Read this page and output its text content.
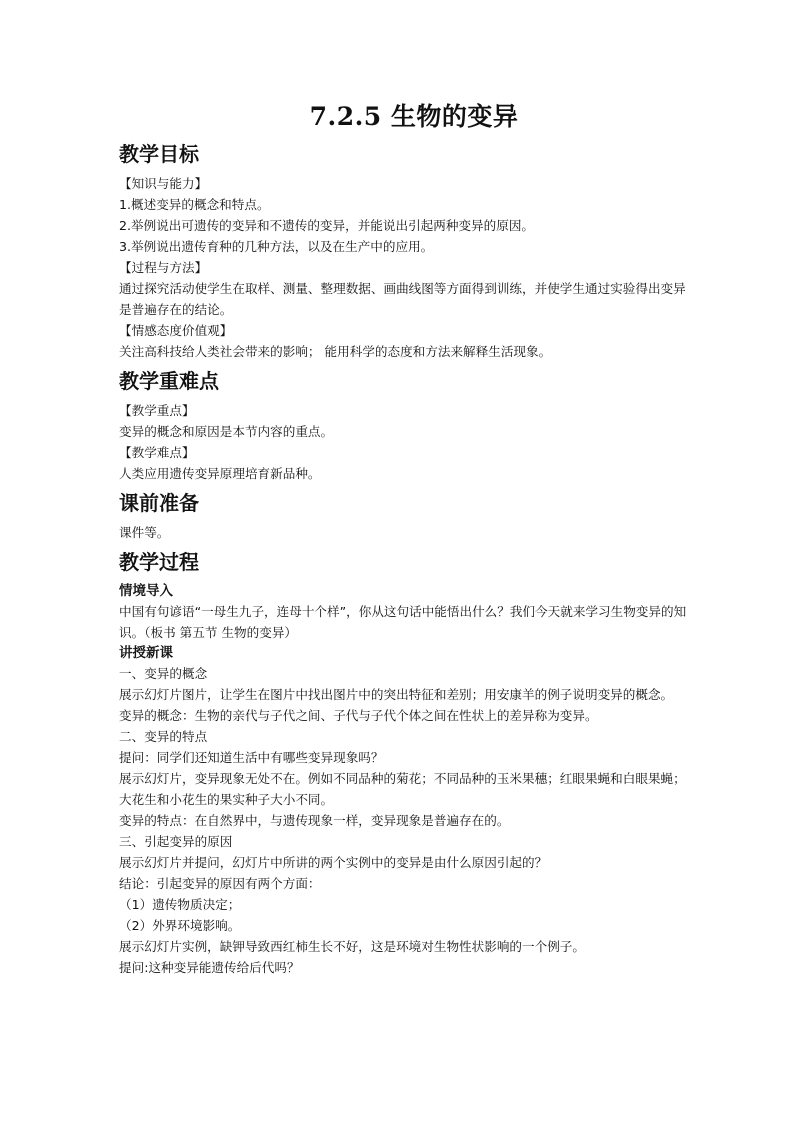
7.2.5 生物的变异
教学目标

【知识与能力】

1.概述变异的概念和特点。

2.举例说出可遗传的变异和不遗传的变异，并能说出引起两种变异的原因。

3.举例说出遗传育种的几种方法，以及在生产中的应用。

【过程与方法】

通过探究活动使学生在取样、测量、整理数据、画曲线图等方面得到训练，并使学生通过实验得出变异是普遍存在的结论。

【情感态度价值观】

关注高科技给人类社会带来的影响； 能用科学的态度和方法来解释生活现象。

教学重难点

【教学重点】

变异的概念和原因是本节内容的重点。

【教学难点】

人类应用遗传变异原理培育新品种。

课前准备

课件等。

教学过程
情境导入

中国有句谚语“一母生九子，连母十个样”，你从这句话中能悟出什么？我们今天就来学习生物变异的知识。（板书 第五节 生物的变异）

讲授新课

一、变异的概念

展示幻灯片图片，让学生在图片中找出图片中的突出特征和差别；用安康羊的例子说明变异的概念。

变异的概念：生物的亲代与子代之间、子代与子代个体之间在性状上的差异称为变异。

二、变异的特点

提问：同学们还知道生活中有哪些变异现象吗？

展示幻灯片，变异现象无处不在。例如不同品种的菊花；不同品种的玉米果穗；红眼果蝇和白眼果蝇；大花生和小花生的果实种子大小不同。

变异的特点：在自然界中，与遗传现象一样，变异现象是普遍存在的。

三、引起变异的原因

展示幻灯片并提问，幻灯片中所讲的两个实例中的变异是由什么原因引起的？

结论：引起变异的原因有两个方面：

（1）遗传物质决定；

（2）外界环境影响。

展示幻灯片实例，缺钾导致西红柿生长不好，这是环境对生物性状影响的一个例子。

提问:这种变异能遗传给后代吗？
